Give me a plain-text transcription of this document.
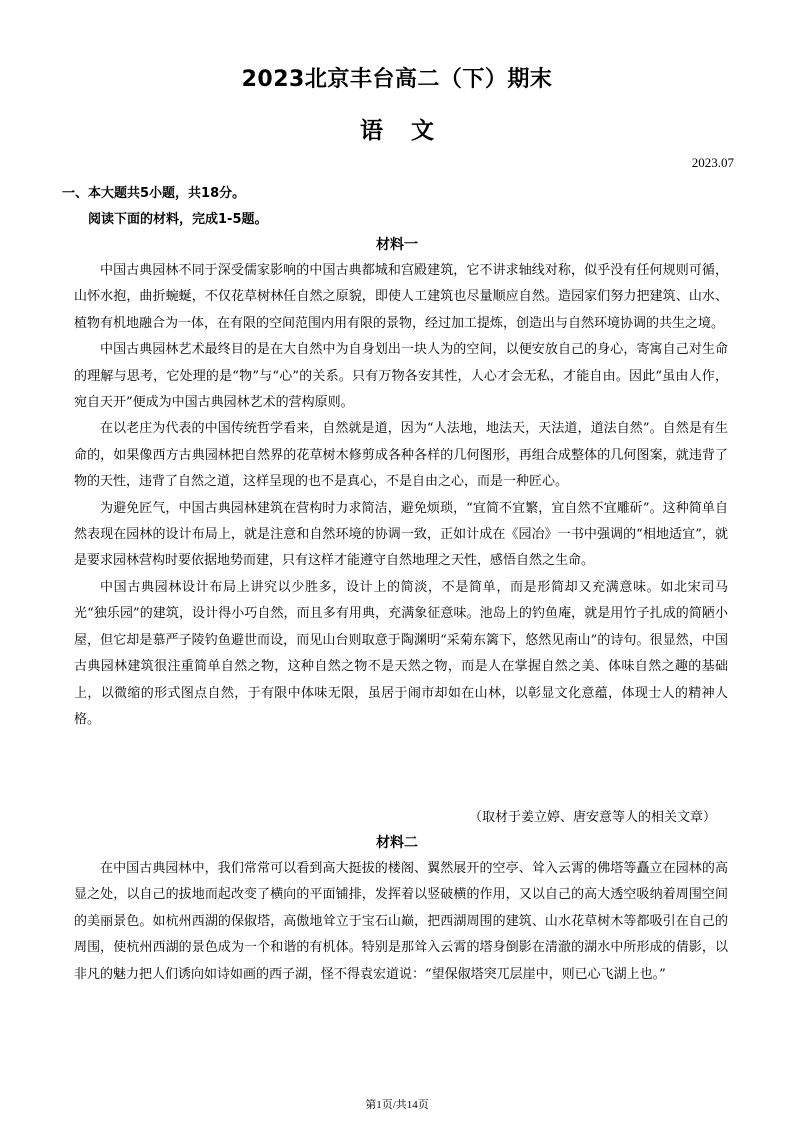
2023北京丰台高二（下）期末
语文
2023.07
一、本大题共5小题，共18分。
阅读下面的材料，完成1-5题。
材料一

中国古典园林不同于深受儒家影响的中国古典都城和宫殿建筑，它不讲求轴线对称，似乎没有任何规则可循，山怀水抱，曲折蜿蜒，不仅花草树林任自然之原貌，即使人工建筑也尽量顺应自然。造园家们努力把建筑、山水、植物有机地融合为一体，在有限的空间范围内用有限的景物，经过加工提炼，创造出与自然环境协调的共生之境。

中国古典园林艺术最终目的是在大自然中为自身划出一块人为的空间，以便安放自己的身心，寄寓自己对生命的理解与思考，它处理的是“物”与“心”的关系。只有万物各安其性，人心才会无私，才能自由。因此“虽由人作，宛自天开”便成为中国古典园林艺术的营构原则。

在以老庄为代表的中国传统哲学看来，自然就是道，因为“人法地，地法天，天法道，道法自然”。自然是有生命的，如果像西方古典园林把自然界的花草树木修剪成各种各样的几何图形，再组合成整体的几何图案，就违背了物的天性，违背了自然之道，这样呈现的也不是真心，不是自由之心，而是一种匠心。

为避免匠气，中国古典园林建筑在营构时力求简洁，避免烦琐，“宜简不宜繁，宜自然不宜雕斫”。这种简单自然表现在园林的设计布局上，就是注意和自然环境的协调一致，正如计成在《园冶》一书中强调的“相地适宜”，就是要求园林营构时要依据地势而建，只有这样才能遵守自然地理之天性，感悟自然之生命。

中国古典园林设计布局上讲究以少胜多，设计上的简淡，不是简单，而是形简却又充满意味。如北宋司马光“独乐园”的建筑，设计得小巧自然，而且多有用典，充满象征意味。池岛上的钓鱼庵，就是用竹子扎成的简陋小屋，但它却是慕严子陵钓鱼避世而设，而见山台则取意于陶渊明“采菊东篱下，悠然见南山”的诗句。很显然，中国古典园林建筑很注重简单自然之物，这种自然之物不是天然之物，而是人在掌握自然之美、体味自然之趣的基础上，以微缩的形式图点自然，于有限中体味无限，虽居于闹市却如在山林，以彰显文化意蕴，体现士人的精神人格。

（取材于姜立婷、唐安意等人的相关文章）
材料二

在中国古典园林中，我们常常可以看到高大挺拔的楼阁、翼然展开的空亭、耸入云霄的佛塔等矗立在园林的高显之处，以自己的拔地而起改变了横向的平面铺排，发挥着以竖破横的作用，又以自己的高大透空吸纳着周围空间的美丽景色。如杭州西湖的保俶塔，高傲地耸立于宝石山巅，把西湖周围的建筑、山水花草树木等都吸引在自己的周围，使杭州西湖的景色成为一个和谐的有机体。特别是那耸入云霄的塔身倒影在清澈的湖水中所形成的倩影，以非凡的魅力把人们诱向如诗如画的西子湖，怪不得袁宏道说：“望保俶塔突兀层崖中，则已心飞湖上也。”

第1页/共14页
